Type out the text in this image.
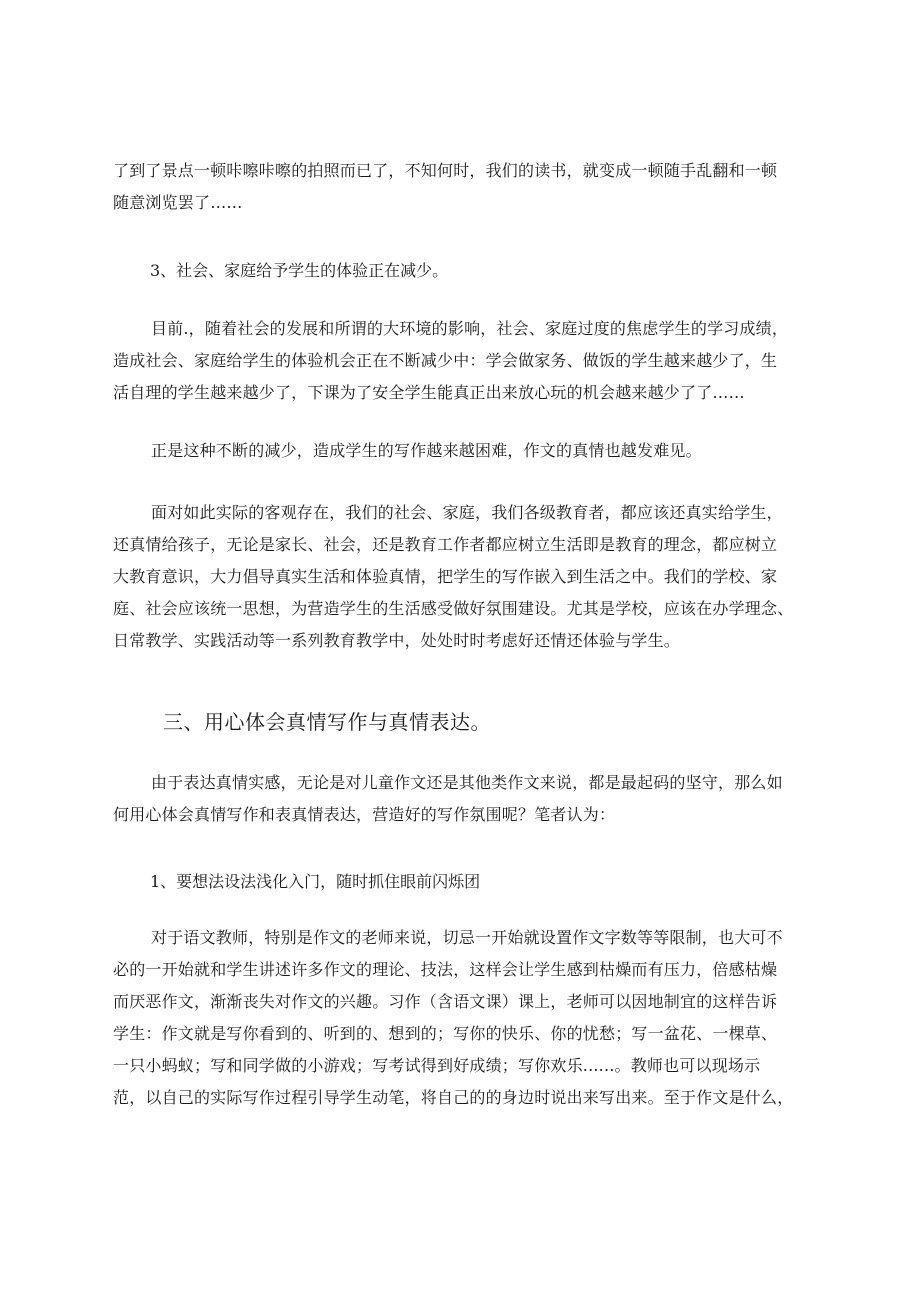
了到了景点一顿咔嚓咔嚓的拍照而已了，不知何时，我们的读书，就变成一顿随手乱翻和一顿
随意浏览罢了……

3、社会、家庭给予学生的体验正在减少。

目前.，随着社会的发展和所谓的大环境的影响，社会、家庭过度的焦虑学生的学习成绩，
造成社会、家庭给学生的体验机会正在不断减少中：学会做家务、做饭的学生越来越少了，生
活自理的学生越来越少了，下课为了安全学生能真正出来放心玩的机会越来越少了了……
正是这种不断的减少，造成学生的写作越来越困难，作文的真情也越发难见。
面对如此实际的客观存在，我们的社会、家庭，我们各级教育者，都应该还真实给学生，
还真情给孩子，无论是家长、社会，还是教育工作者都应树立生活即是教育的理念，都应树立
大教育意识，大力倡导真实生活和体验真情，把学生的写作嵌入到生活之中。我们的学校、家
庭、社会应该统一思想，为营造学生的生活感受做好氛围建设。尤其是学校，应该在办学理念、
日常教学、实践活动等一系列教育教学中，处处时时考虑好还情还体验与学生。
三、用心体会真情写作与真情表达。
由于表达真情实感，无论是对儿童作文还是其他类作文来说，都是最起码的坚守，那么如
何用心体会真情写作和表真情表达，营造好的写作氛围呢？笔者认为：

1、要想法设法浅化入门，随时抓住眼前闪烁团

对于语文教师，特别是作文的老师来说，切忌一开始就设置作文字数等等限制，也大可不
必的一开始就和学生讲述许多作文的理论、技法，这样会让学生感到枯燥而有压力，倍感枯燥
而厌恶作文，渐渐丧失对作文的兴趣。习作（含语文课）课上，老师可以因地制宜的这样告诉
学生：作文就是写你看到的、听到的、想到的；写你的快乐、你的忧愁；写一盆花、一棵草、
一只小蚂蚁；写和同学做的小游戏；写考试得到好成绩；写你欢乐......。教师也可以现场示
范，以自己的实际写作过程引导学生动笔，将自己的的身边时说出来写出来。至于作文是什么，
